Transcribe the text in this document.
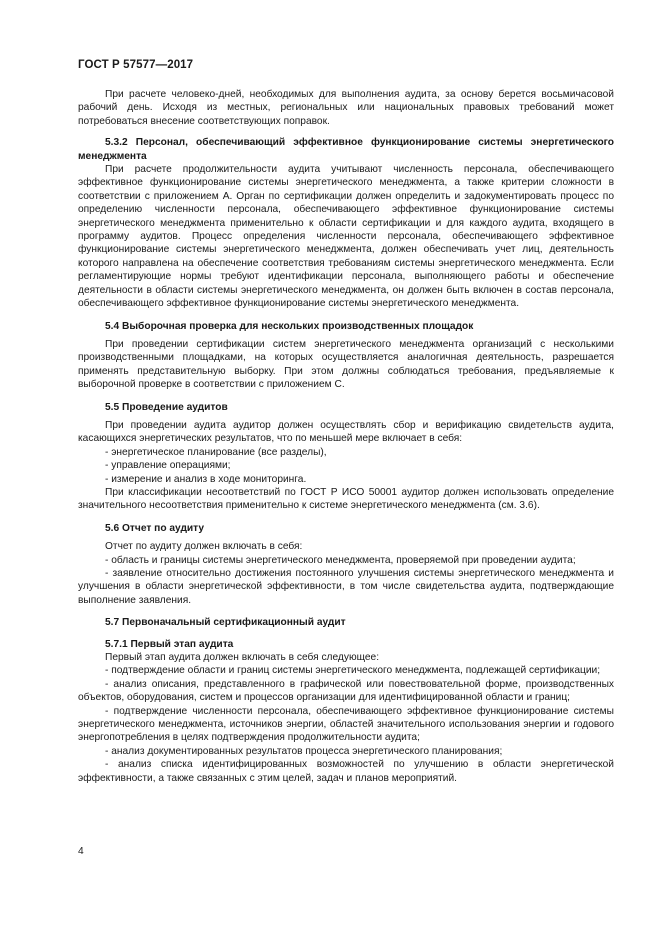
ГОСТ Р 57577—2017

При расчете человеко-дней, необходимых для выполнения аудита, за основу берется восьмичасовой рабочий день. Исходя из местных, региональных или национальных правовых требований может потребоваться внесение соответствующих поправок.

5.3.2 Персонал, обеспечивающий эффективное функционирование системы энергетического менеджмента

При расчете продолжительности аудита учитывают численность персонала, обеспечивающего эффективное функционирование системы энергетического менеджмента, а также критерии сложности в соответствии с приложением А. Орган по сертификации должен определить и задокументировать процесс по определению численности персонала, обеспечивающего эффективное функционирование системы энергетического менеджмента применительно к области сертификации и для каждого аудита, входящего в программу аудитов. Процесс определения численности персонала, обеспечивающего эффективное функционирование системы энергетического менеджмента, должен обеспечивать учет лиц, деятельность которого направлена на обеспечение соответствия требованиям системы энергетического менеджмента. Если регламентирующие нормы требуют идентификации персонала, выполняющего работы и обеспечение деятельности в области системы энергетического менеджмента, он должен быть включен в состав персонала, обеспечивающего эффективное функционирование системы энергетического менеджмента.

5.4 Выборочная проверка для нескольких производственных площадок

При проведении сертификации систем энергетического менеджмента организаций с несколькими производственными площадками, на которых осуществляется аналогичная деятельность, разрешается применять представительную выборку. При этом должны соблюдаться требования, предъявляемые к выборочной проверке в соответствии с приложением С.

5.5 Проведение аудитов

При проведении аудита аудитор должен осуществлять сбор и верификацию свидетельств аудита, касающихся энергетических результатов, что по меньшей мере включает в себя:

- энергетическое планирование (все разделы),

- управление операциями;

- измерение и анализ в ходе мониторинга.

При классификации несоответствий по ГОСТ Р ИСО 50001 аудитор должен использовать определение значительного несоответствия применительно к системе энергетического менеджмента (см. 3.6).

5.6 Отчет по аудиту

Отчет по аудиту должен включать в себя:

- область и границы системы энергетического менеджмента, проверяемой при проведении аудита;

- заявление относительно достижения постоянного улучшения системы энергетического менеджмента и улучшения в области энергетической эффективности, в том числе свидетельства аудита, подтверждающие выполнение заявления.

5.7 Первоначальный сертификационный аудит

5.7.1 Первый этап аудита

Первый этап аудита должен включать в себя следующее:

- подтверждение области и границ системы энергетического менеджмента, подлежащей сертификации;

- анализ описания, представленного в графической или повествовательной форме, производственных объектов, оборудования, систем и процессов организации для идентифицированной области и границ;

- подтверждение численности персонала, обеспечивающего эффективное функционирование системы энергетического менеджмента, источников энергии, областей значительного использования энергии и годового энергопотребления в целях подтверждения продолжительности аудита;

- анализ документированных результатов процесса энергетического планирования;

- анализ списка идентифицированных возможностей по улучшению в области энергетической эффективности, а также связанных с этим целей, задач и планов мероприятий.

4
